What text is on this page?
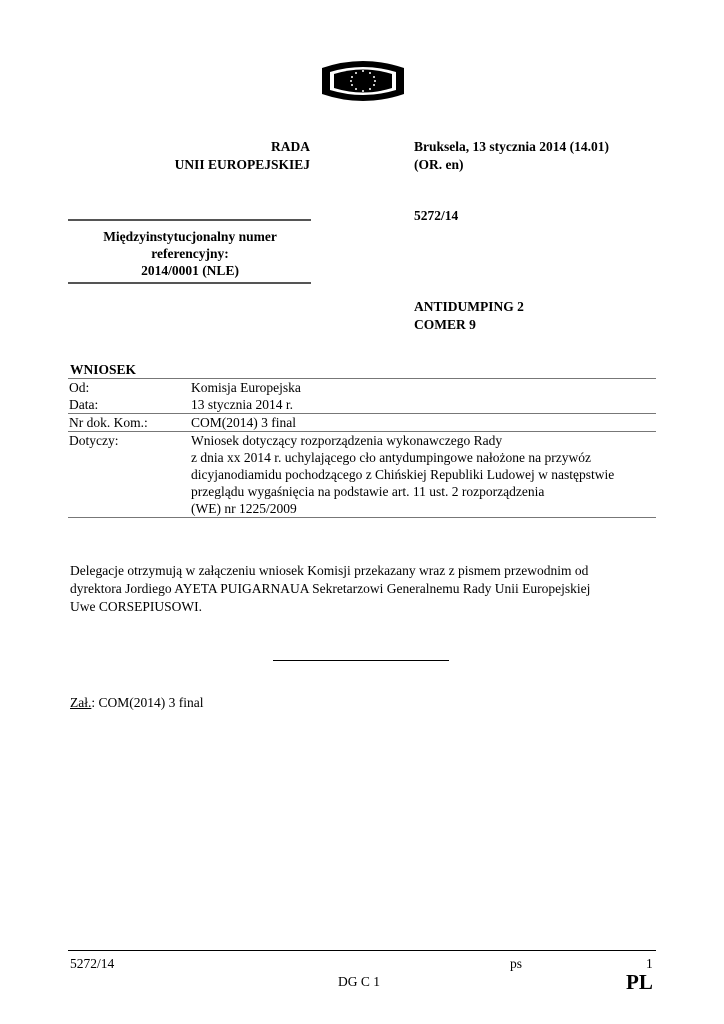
RADA
UNII EUROPEJSKIEJ
Bruksela, 13 stycznia 2014 (14.01)
(OR. en)
5272/14
Międzyinstytucjonalny numer
referencyjny:
2014/0001 (NLE)
ANTIDUMPING 2
COMER 9
WNIOSEK
Od:	Komisja Europejska
Data:	13 stycznia 2014 r.
Nr dok. Kom.:	COM(2014) 3 final
Dotyczy:	Wniosek dotyczący rozporządzenia wykonawczego Rady
z dnia xx 2014 r. uchylającego cło antydumpingowe nałożone na przywóz
dicyjanodiamidu pochodzącego z Chińskiej Republiki Ludowej w następstwie
przeglądu wygaśnięcia na podstawie art. 11 ust. 2 rozporządzenia
(WE) nr 1225/2009
Delegacje otrzymują w załączeniu wniosek Komisji przekazany wraz z pismem przewodnim od
dyrektora Jordiego AYETA PUIGARNAUA Sekretarzowi Generalnemu Rady Unii Europejskiej
Uwe CORSEPIUSOWI.
Zał.: COM(2014) 3 final
5272/14	ps	1
DG C 1	PL
